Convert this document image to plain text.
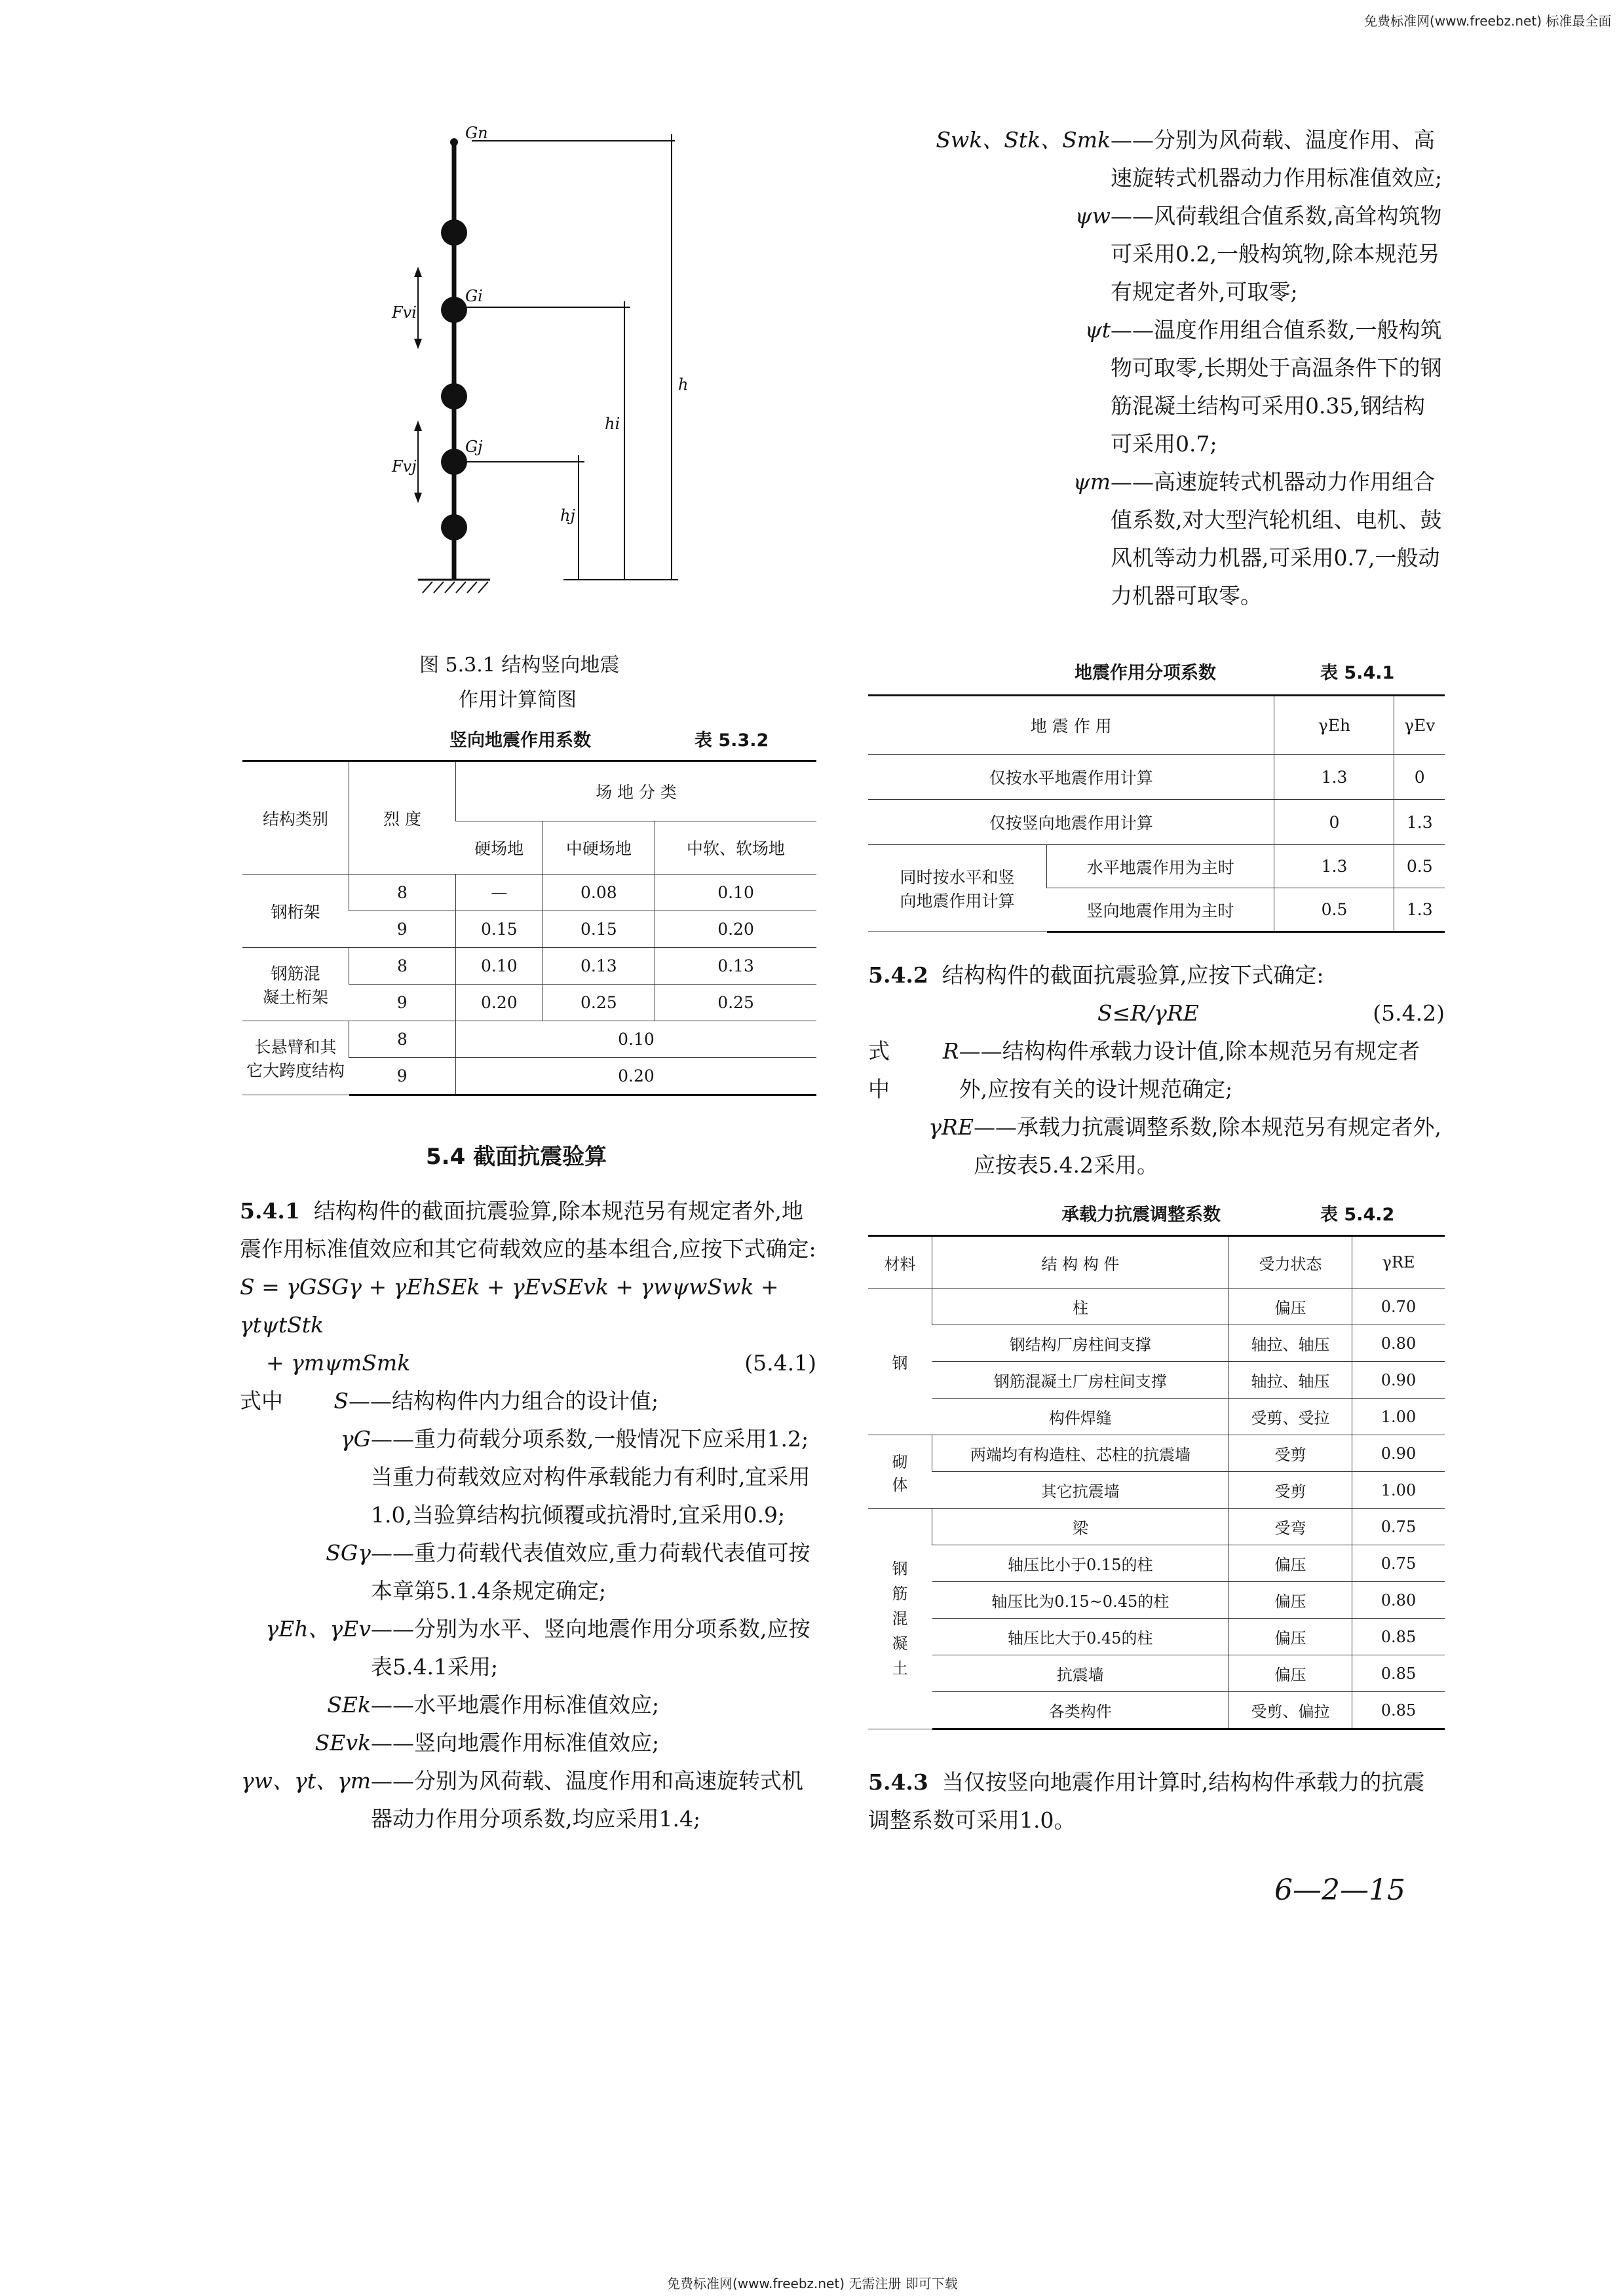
免费标准网(www.freebz.net) 标准最全面
免费标准网(www.freebz.net) 无需注册 即可下载
Gn
Gi
Gj
Fvi
Fvj
h
hi
hj
图 5.3.1 结构竖向地震
作用计算简图
竖向地震作用系数	表 5.3.2
结构类别	烈 度	场 地 分 类		
		硬场地	中硬场地	中软、软场地
钢桁架	8	—	0.08	0.10
	9	0.15	0.15	0.20
钢筋混
凝土桁架	8	0.10	0.13	0.13
	9	0.20	0.25	0.25
长悬臂和其
它大跨度结构	8	0.10		
	9	0.20		
5.4 截面抗震验算

5.4.1 结构构件的截面抗震验算,除本规范另有规定者外,地震作用标准值效应和其它荷载效应的基本组合,应按下式确定:

S = γGSGγ + γEhSEk + γEvSEvk + γwψwSwk + γtψtStk
+ γmψmSmk	(5.4.1)
式中	S ——结构构件内力组合的设计值;
γG ——重力荷载分项系数,一般情况下应采用1.2;当重力荷载效应对构件承载能力有利时,宜采用1.0,当验算结构抗倾覆或抗滑时,宜采用0.9;
SGγ ——重力荷载代表值效应,重力荷载代表值可按本章第5.1.4条规定确定;
γEh、γEv ——分别为水平、竖向地震作用分项系数,应按表5.4.1采用;
SEk ——水平地震作用标准值效应;
SEvk ——竖向地震作用标准值效应;
γw、γt、γm ——分别为风荷载、温度作用和高速旋转式机器动力作用分项系数,均应采用1.4;
Swk、Stk、Smk ——分别为风荷载、温度作用、高速旋转式机器动力作用标准值效应;
ψw ——风荷载组合值系数,高耸构筑物可采用0.2,一般构筑物,除本规范另有规定者外,可取零;
ψt ——温度作用组合值系数,一般构筑物可取零,长期处于高温条件下的钢筋混凝土结构可采用0.35,钢结构可采用0.7;
ψm ——高速旋转式机器动力作用组合值系数,对大型汽轮机组、电机、鼓风机等动力机器,可采用0.7,一般动力机器可取零。
地震作用分项系数	表 5.4.1
地 震 作 用		γEh	γEv
仅按水平地震作用计算		1.3	0
仅按竖向地震作用计算		0	1.3
同时按水平和竖
向地震作用计算	水平地震作用为主时	1.3	0.5
	竖向地震作用为主时	0.5	1.3

5.4.2 结构构件的截面抗震验算,应按下式确定:

S≤R/γRE	(5.4.2)
式中
R ——结构构件承载力设计值,除本规范另有规定者外,应按有关的设计规范确定;
γRE ——承载力抗震调整系数,除本规范另有规定者外,应按表5.4.2采用。
承载力抗震调整系数	表 5.4.2
材料	结 构 构 件	受力状态	γRE
钢	柱	偏压	0.70
	钢结构厂房柱间支撑	轴拉、轴压	0.80
	钢筋混凝土厂房柱间支撑	轴拉、轴压	0.90
	构件焊缝	受剪、受拉	1.00
砌
体	两端均有构造柱、芯柱的抗震墙	受剪	0.90
	其它抗震墙	受剪	1.00
钢
筋
混
凝
土	梁	受弯	0.75
	轴压比小于0.15的柱	偏压	0.75
	轴压比为0.15~0.45的柱	偏压	0.80
	轴压比大于0.45的柱	偏压	0.85
	抗震墙	偏压	0.85
	各类构件	受剪、偏拉	0.85

5.4.3 当仅按竖向地震作用计算时,结构构件承载力的抗震调整系数可采用1.0。

6—2—15
